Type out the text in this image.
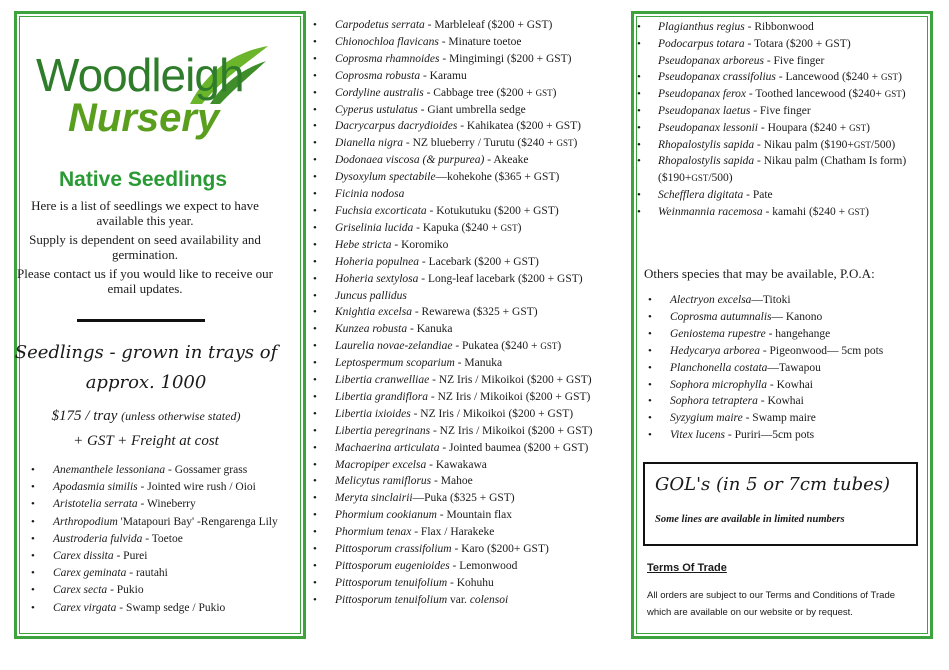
Woodleigh
Nursery
Native Seedlings
Here is a list of seedlings we expect to have available this year.
Supply is dependent on seed availability and germination.
Please contact us if you would like to receive our email updates.
Seedlings - grown in trays of
approx. 1000
$175 / tray (unless otherwise stated)
+ GST + Freight at cost
• Anemanthele lessoniana - Gossamer grass
• Apodasmia similis - Jointed wire rush / Oioi
• Aristotelia serrata - Wineberry
• Arthropodium 'Matapouri Bay' -Rengarenga Lily
• Austroderia fulvida - Toetoe
• Carex dissita - Purei
• Carex geminata - rautahi
• Carex secta - Pukio
• Carex virgata - Swamp sedge / Pukio
• Carpodetus serrata - Marbleleaf ($200 + GST)
• Chionochloa flavicans - Minature toetoe
• Coprosma rhamnoides - Mingimingi ($200 + GST)
• Coprosma robusta - Karamu
• Cordyline australis - Cabbage tree ($200 + GST)
• Cyperus ustulatus - Giant umbrella sedge
• Dacrycarpus dacrydioides - Kahikatea ($200 + GST)
• Dianella nigra - NZ blueberry / Turutu ($240 + GST)
• Dodonaea viscosa (& purpurea) - Akeake
• Dysoxylum spectabile—kohekohe ($365 + GST)
• Ficinia nodosa
• Fuchsia excorticata - Kotukutuku ($200 + GST)
• Griselinia lucida - Kapuka ($240 + GST)
• Hebe stricta - Koromiko
• Hoheria populnea - Lacebark ($200 + GST)
• Hoheria sextylosa - Long-leaf lacebark ($200 + GST)
• Juncus pallidus
• Knightia excelsa - Rewarewa ($325 + GST)
• Kunzea robusta - Kanuka
• Laurelia novae-zelandiae - Pukatea ($240 + GST)
• Leptospermum scoparium - Manuka
• Libertia cranwelliae - NZ Iris / Mikoikoi ($200 + GST)
• Libertia grandiflora - NZ Iris / Mikoikoi ($200 + GST)
• Libertia ixioides - NZ Iris / Mikoikoi ($200 + GST)
• Libertia peregrinans - NZ Iris / Mikoikoi ($200 + GST)
• Machaerina articulata - Jointed baumea ($200 + GST)
• Macropiper excelsa - Kawakawa
• Melicytus ramiflorus - Mahoe
• Meryta sinclairii—Puka ($325 + GST)
• Phormium cookianum - Mountain flax
• Phormium tenax - Flax / Harakeke
• Pittosporum crassifolium - Karo ($200+ GST)
• Pittosporum eugenioides - Lemonwood
• Pittosporum tenuifolium - Kohuhu
• Pittosporum tenuifolium var. colensoi
• Plagianthus regius - Ribbonwood
• Podocarpus totara - Totara ($200 + GST)
Pseudopanax arboreus - Five finger
• Pseudopanax crassifolius - Lancewood ($240 + GST)
• Pseudopanax ferox - Toothed lancewood ($240+ GST)
• Pseudopanax laetus - Five finger
• Pseudopanax lessonii - Houpara ($240 + GST)
• Rhopalostylis sapida - Nikau palm ($190+GST/500)
• Rhopalostylis sapida - Nikau palm (Chatham Is form) ($190+GST/500)
• Schefflera digitata - Pate
• Weinmannia racemosa - kamahi ($240 + GST)
Others species that may be available, P.O.A:
• Alectryon excelsa—Titoki
• Coprosma autumnalis— Kanono
• Geniostema rupestre - hangehange
• Hedycarya arborea - Pigeonwood— 5cm pots
• Planchonella costata—Tawapou
• Sophora microphylla - Kowhai
• Sophora tetraptera - Kowhai
• Syzygium maire - Swamp maire
• Vitex lucens - Puriri—5cm pots
GOL's (in 5 or 7cm tubes)
Some lines are available in limited numbers
Terms Of Trade
All orders are subject to our Terms and Conditions of Trade which are available on our website or by request.
